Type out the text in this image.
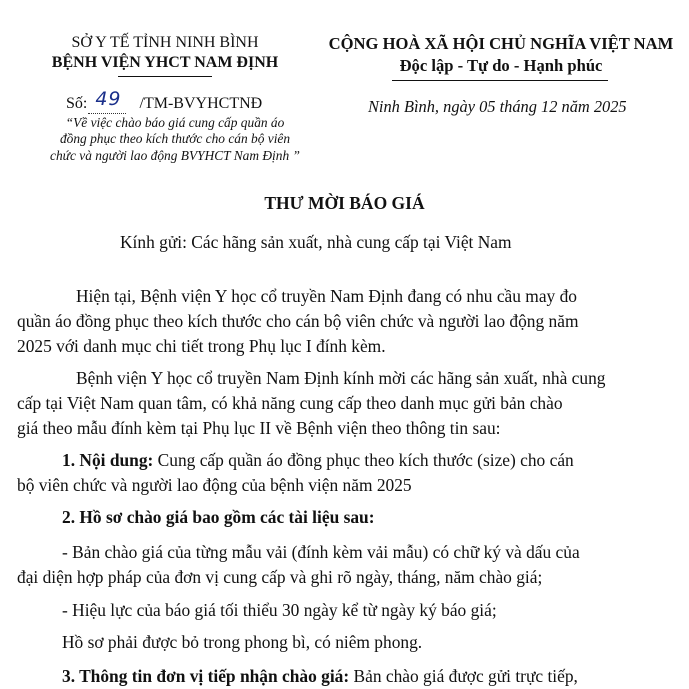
SỞ Y TẾ TỈNH NINH BÌNH
BỆNH VIỆN YHCT NAM ĐỊNH
CỘNG HOÀ XÃ HỘI CHỦ NGHĨA VIỆT NAM
Độc lập - Tự do - Hạnh phúc
Số: 49 /TM-BVYHCTNĐ	Ninh Bình, ngày 05 tháng 12 năm 2025
“Về việc chào báo giá cung cấp quần áo
đồng phục theo kích thước cho cán bộ viên
chức và người lao động BVYHCT Nam Định ”
THƯ MỜI BÁO GIÁ
Kính gửi: Các hãng sản xuất, nhà cung cấp tại Việt Nam
Hiện tại, Bệnh viện Y học cổ truyền Nam Định đang có nhu cầu may đo
quần áo đồng phục theo kích thước cho cán bộ viên chức và người lao động năm
2025 với danh mục chi tiết trong Phụ lục I đính kèm.
Bệnh viện Y học cổ truyền Nam Định kính mời các hãng sản xuất, nhà cung
cấp tại Việt Nam quan tâm, có khả năng cung cấp theo danh mục gửi bản chào
giá theo mẫu đính kèm tại Phụ lục II về Bệnh viện theo thông tin sau:
1. Nội dung: Cung cấp quần áo đồng phục theo kích thước (size) cho cán
bộ viên chức và người lao động của bệnh viện năm 2025
2. Hồ sơ chào giá bao gồm các tài liệu sau:
- Bản chào giá của từng mẫu vải (đính kèm vải mẫu) có chữ ký và dấu của
đại diện hợp pháp của đơn vị cung cấp và ghi rõ ngày, tháng, năm chào giá;
- Hiệu lực của báo giá tối thiểu 30 ngày kể từ ngày ký báo giá;
Hồ sơ phải được bỏ trong phong bì, có niêm phong.
3. Thông tin đơn vị tiếp nhận chào giá: Bản chào giá được gửi trực tiếp,
